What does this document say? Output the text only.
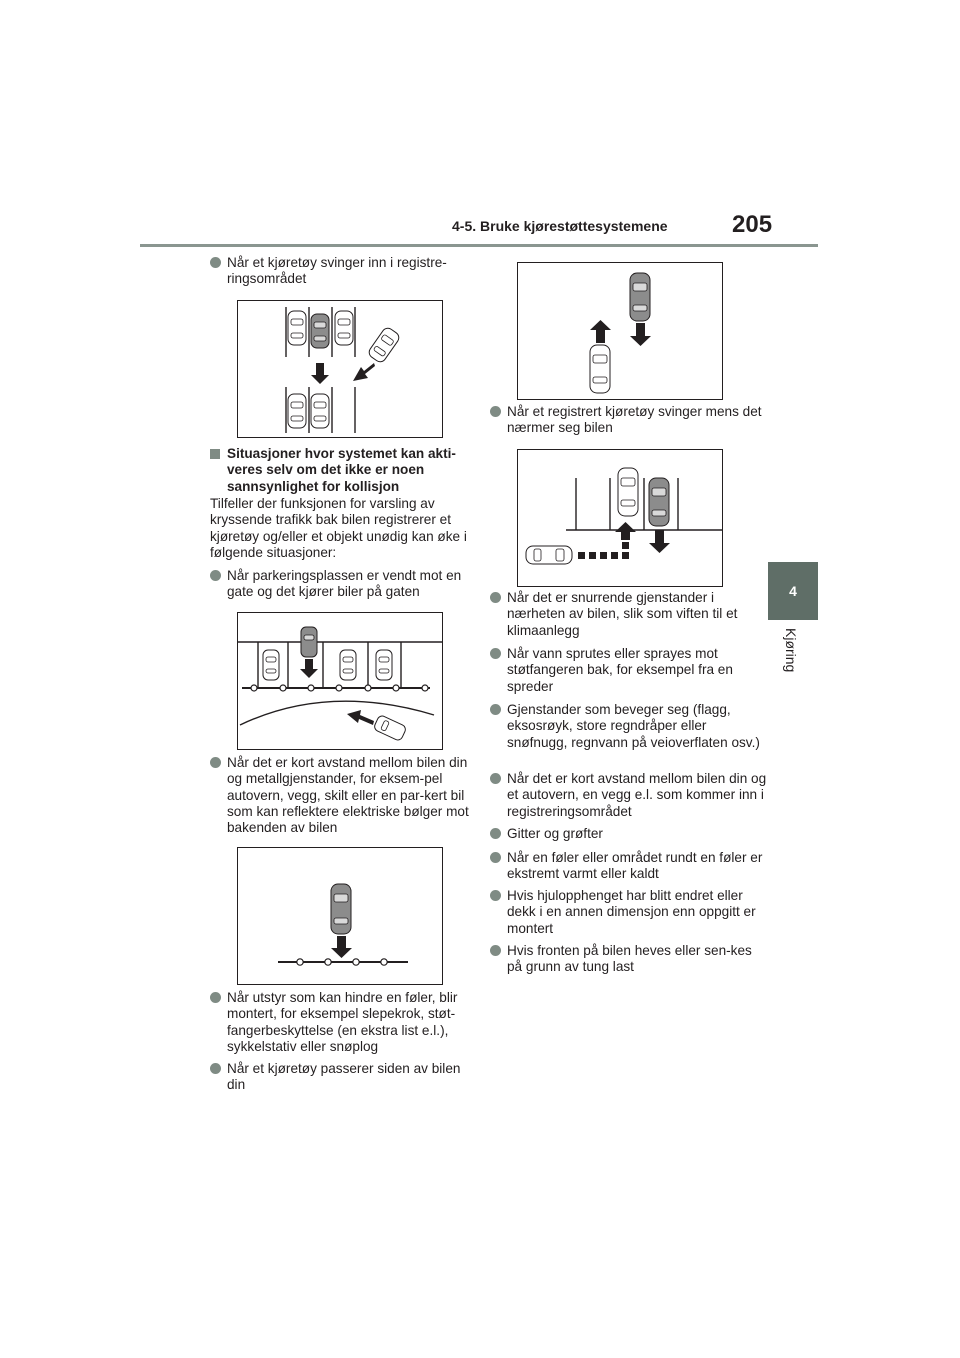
4-5. Bruke kjørestøttesystemene	205
4
Kjøring
Når et kjøretøy svinger inn i registre-ringsområdet
Situasjoner hvor systemet kan akti-veres selv om det ikke er noen sannsynlighet for kollisjon
Tilfeller der funksjonen for varsling av kryssende trafikk bak bilen registrerer et kjøretøy og/eller et objekt unødig kan øke i følgende situasjoner:
Når parkeringsplassen er vendt mot en gate og det kjører biler på gaten
Når det er kort avstand mellom bilen din og metallgjenstander, for eksem-pel autovern, vegg, skilt eller en par-kert bil som kan reflektere elektriske bølger mot bakenden av bilen
Når utstyr som kan hindre en føler, blir montert, for eksempel slepekrok, støt-fangerbeskyttelse (en ekstra list e.l.), sykkelstativ eller snøplog
Når et kjøretøy passerer siden av bilen din
Når et registrert kjøretøy svinger mens det nærmer seg bilen
Når det er snurrende gjenstander i nærheten av bilen, slik som viften til et klimaanlegg
Når vann sprutes eller sprayes mot støtfangeren bak, for eksempel fra en spreder
Gjenstander som beveger seg (flagg, eksosrøyk, store regndråper eller snøfnugg, regnvann på veioverflaten osv.)
Når det er kort avstand mellom bilen din og et autovern, en vegg e.l. som kommer inn i registreringsområdet
Gitter og grøfter
Når en føler eller området rundt en føler er ekstremt varmt eller kaldt
Hvis hjulopphenget har blitt endret eller dekk i en annen dimensjon enn oppgitt er montert
Hvis fronten på bilen heves eller sen-kes på grunn av tung last
